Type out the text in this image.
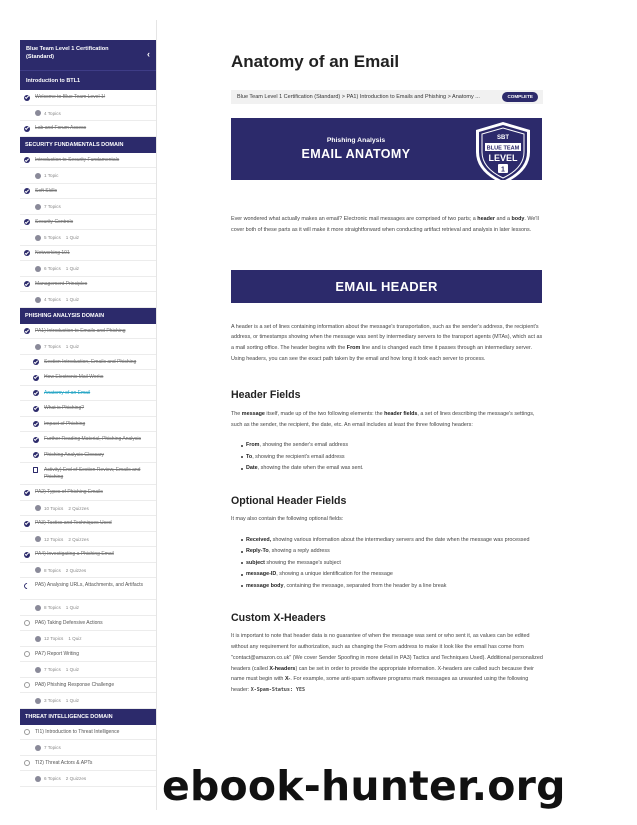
Blue Team Level 1 Certification (Standard)	‹
Introduction to BTL1
Welcome to Blue Team Level 1!
4 Topics
Lab and Forum Access
SECURITY FUNDAMENTALS DOMAIN
Introduction to Security Fundamentals
1 Topic
Soft Skills
7 Topics
Security Controls
5 Topics 1 Quiz
Networking 101
6 Topics 1 Quiz
Management Principles
4 Topics 1 Quiz
PHISHING ANALYSIS DOMAIN
PA1) Introduction to Emails and Phishing
7 Topics 1 Quiz
Section Introduction, Emails and Phishing
How Electronic Mail Works
Anatomy of an Email
What is Phishing?
Impact of Phishing
Further Reading Material, Phishing Analysis
Phishing Analysis Glossary
Activity) End of Section Review, Emails and Phishing
PA2) Types of Phishing Emails
10 Topics 2 Quizzes
PA3) Tactics and Techniques Used
12 Topics 2 Quizzes
PA4) Investigating a Phishing Email
8 Topics 2 Quizzes
PA5) Analysing URLs, Attachments, and Artifacts
8 Topics 1 Quiz
PA6) Taking Defensive Actions
12 Topics 1 Quiz
PA7) Report Writing
7 Topics 1 Quiz
PA8) Phishing Response Challenge
3 Topics 1 Quiz
THREAT INTELLIGENCE DOMAIN
TI1) Introduction to Threat Intelligence
7 Topics
TI2) Threat Actors & APTs
6 Topics 2 Quizzes
Anatomy of an Email
Blue Team Level 1 Certification (Standard) > PA1) Introduction to Emails and Phishing > Anatomy ...	COMPLETE
Phishing Analysis
EMAIL ANATOMY
SBT
BLUE TEAM
LEVEL
1

Ever wondered what actually makes an email? Electronic mail messages are comprised of two parts; a header and a body. We'll cover both of these parts as it will make it more straightforward when conducting artifact retrieval and analysis in later lessons.

EMAIL HEADER

A header is a set of lines containing information about the message's transportation, such as the sender's address, the recipient's address, or timestamps showing when the message was sent by intermediary servers to the transport agents (MTAs), which act as a mail sorting office. The header begins with the From line and is changed each time it passes through an intermediary server. Using headers, you can see the exact path taken by the email and how long it took each server to process.

Header Fields

The message itself, made up of the two following elements: the header fields, a set of lines describing the message's settings, such as the sender, the recipient, the date, etc. An email includes at least the three following headers:

From, showing the sender's email address
To, showing the recipient's email address
Date, showing the date when the email was sent.
Optional Header Fields

It may also contain the following optional fields:

Received, showing various information about the intermediary servers and the date when the message was processed
Reply-To, showing a reply address
subject showing the message's subject
message-ID, showing a unique identification for the message
message body, containing the message, separated from the header by a line break
Custom X-Headers

It is important to note that header data is no guarantee of when the message was sent or who sent it, as values can be edited without any requirement for authorization, such as changing the From address to make it look like the email has come from "contact@amazon.co.uk" (We cover Sender Spoofing in more detail in PA3) Tactics and Techniques Used). Additional personalized headers (called X-headers) can be set in order to provide the appropriate information. X-headers are called such because their name must begin with X-. For example, some anti-spam software programs mark messages as unwanted using the following header: X-Spam-Status: YES

ebook-hunter.org
